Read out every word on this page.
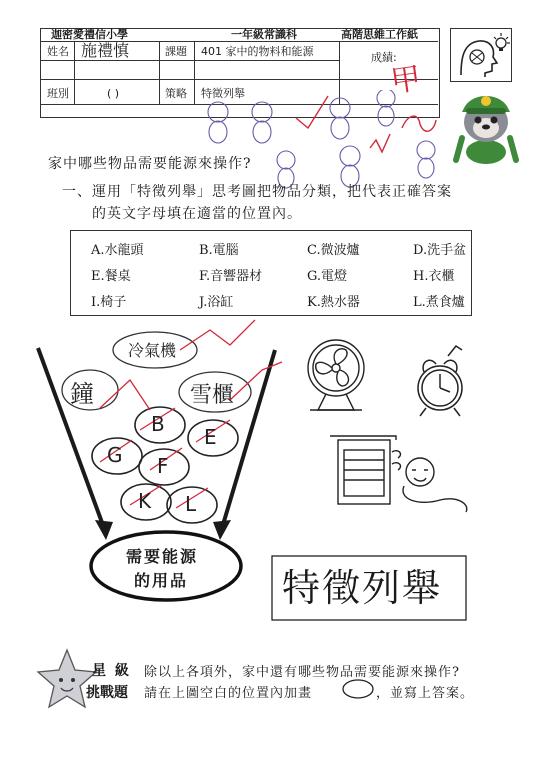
迦密愛禮信小學	一年級常識科	高階思維工作紙
姓名 施禮慎	課題 401 家中的物料和能源	成績:
班別	( )	策略 特徵列舉	甲
家中哪些物品需要能源來操作?
一、運用「特徵列舉」思考圖把物品分類，把代表正確答案
的英文字母填在適當的位置內。
A.水龍頭	B.電腦	C.微波爐	D.洗手盆
E.餐桌	F.音響器材	G.電燈	H.衣櫃
I.椅子	J.浴缸	K.熱水器	L.煮食爐
冷氣機
鐘	雪櫃
B
E
G F
K L
需要能源
的用品 特徵列舉
星 級
挑戰題
除以上各項外，家中還有哪些物品需要能源來操作?
請在上圖空白的位置內加畫	，並寫上答案。
